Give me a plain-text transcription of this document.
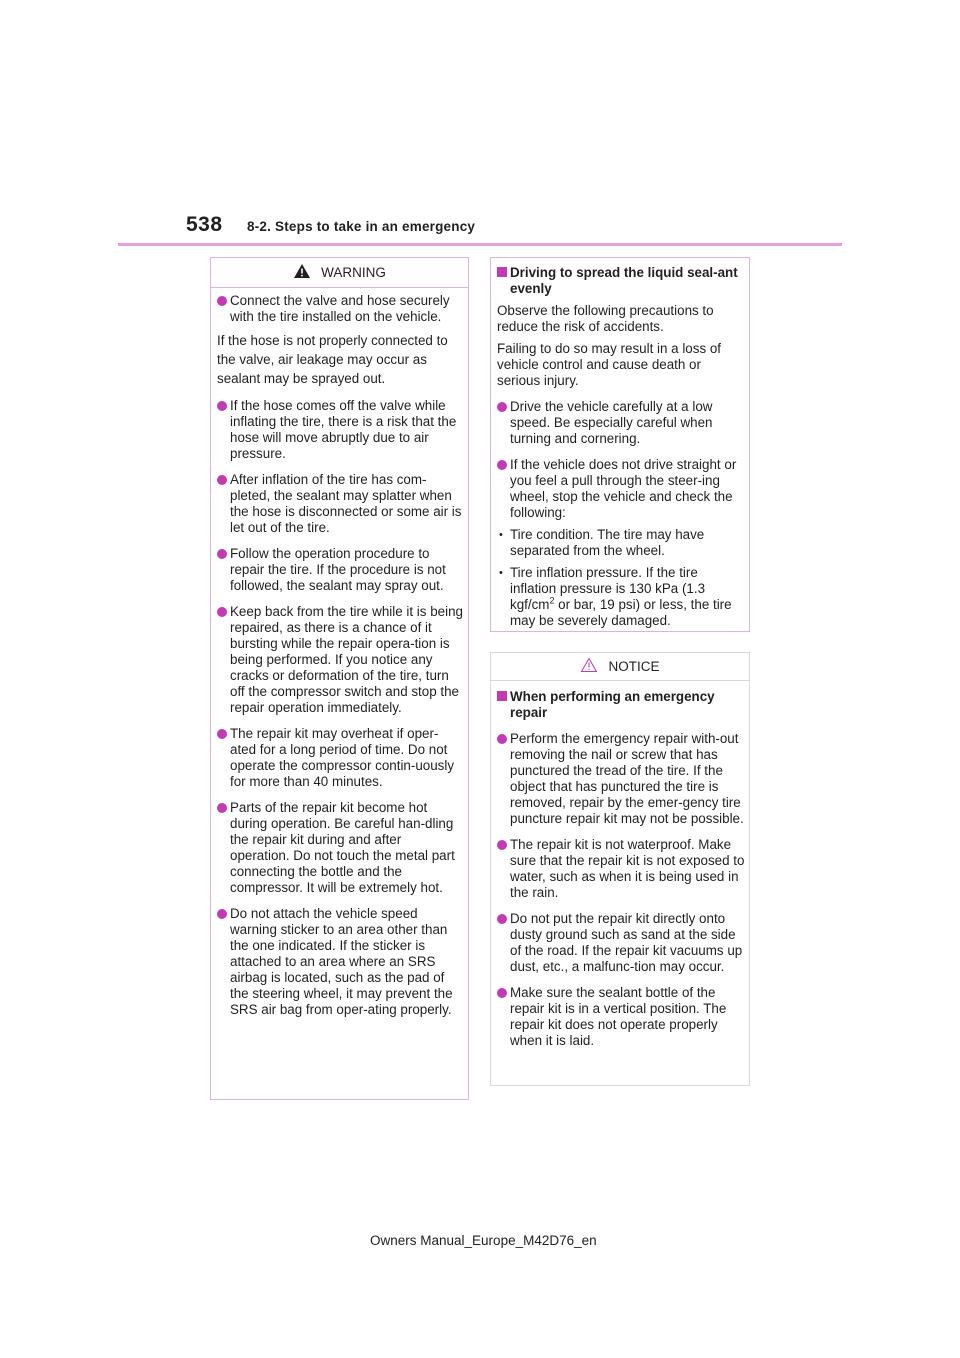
538 8-2. Steps to take in an emergency
WARNING
Connect the valve and hose securely with the tire installed on the vehicle.
If the hose is not properly connected to the valve, air leakage may occur as sealant may be sprayed out.
If the hose comes off the valve while inflating the tire, there is a risk that the hose will move abruptly due to air pressure.
After inflation of the tire has com-pleted, the sealant may splatter when the hose is disconnected or some air is let out of the tire.
Follow the operation procedure to repair the tire. If the procedure is not followed, the sealant may spray out.
Keep back from the tire while it is being repaired, as there is a chance of it bursting while the repair opera-tion is being performed. If you notice any cracks or deformation of the tire, turn off the compressor switch and stop the repair operation immediately.
The repair kit may overheat if oper-ated for a long period of time. Do not operate the compressor contin-uously for more than 40 minutes.
Parts of the repair kit become hot during operation. Be careful han-dling the repair kit during and after operation. Do not touch the metal part connecting the bottle and the compressor. It will be extremely hot.
Do not attach the vehicle speed warning sticker to an area other than the one indicated. If the sticker is attached to an area where an SRS airbag is located, such as the pad of the steering wheel, it may prevent the SRS air bag from oper-ating properly.
Driving to spread the liquid seal-ant evenly
Observe the following precautions to reduce the risk of accidents.
Failing to do so may result in a loss of vehicle control and cause death or serious injury.
Drive the vehicle carefully at a low speed. Be especially careful when turning and cornering.
If the vehicle does not drive straight or you feel a pull through the steer-ing wheel, stop the vehicle and check the following:
• Tire condition. The tire may have separated from the wheel.
• Tire inflation pressure. If the tire inflation pressure is 130 kPa (1.3 kgf/$cm^2$ or bar, 19 psi) or less, the tire may be severely damaged.
NOTICE
When performing an emergency repair
Perform the emergency repair with-out removing the nail or screw that has punctured the tread of the tire. If the object that has punctured the tire is removed, repair by the emer-gency tire puncture repair kit may not be possible.
The repair kit is not waterproof. Make sure that the repair kit is not exposed to water, such as when it is being used in the rain.
Do not put the repair kit directly onto dusty ground such as sand at the side of the road. If the repair kit vacuums up dust, etc., a malfunc-tion may occur.
Make sure the sealant bottle of the repair kit is in a vertical position. The repair kit does not operate properly when it is laid.
Owners Manual_Europe_M42D76_en
